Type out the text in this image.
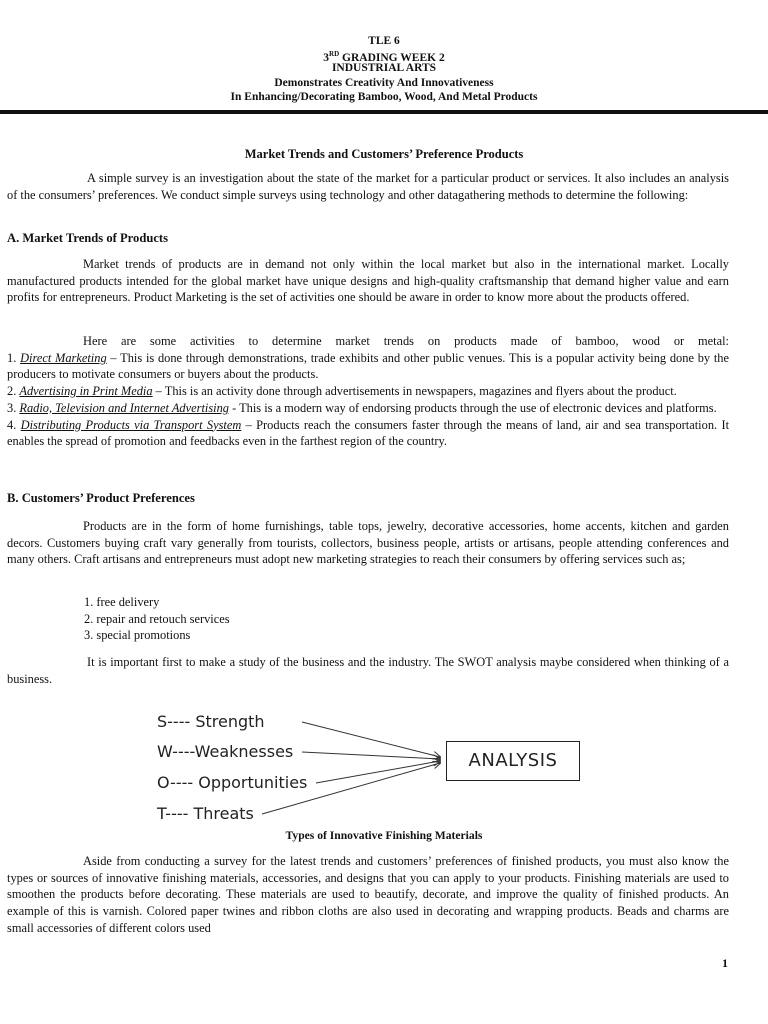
TLE 6
3RD GRADING WEEK 2
INDUSTRIAL ARTS
Demonstrates Creativity And Innovativeness
In Enhancing/Decorating Bamboo, Wood, And Metal Products
Market Trends and Customers’ Preference Products
A simple survey is an investigation about the state of the market for a particular product or services. It also includes an analysis of the consumers’ preferences. We conduct simple surveys using technology and other datagathering methods to determine the following:
A. Market Trends of Products
Market trends of products are in demand not only within the local market but also in the international market. Locally manufactured products intended for the global market have unique designs and high-quality craftsmanship that demand higher value and earn profits for entrepreneurs. Product Marketing is the set of activities one should be aware in order to know more about the products offered.
Here are some activities to determine market trends on products made of bamboo, wood or metal:
1. Direct Marketing – This is done through demonstrations, trade exhibits and other public venues. This is a popular activity being done by the producers to motivate consumers or buyers about the products.
2. Advertising in Print Media – This is an activity done through advertisements in newspapers, magazines and flyers about the product.
3. Radio, Television and Internet Advertising - This is a modern way of endorsing products through the use of electronic devices and platforms.
4. Distributing Products via Transport System – Products reach the consumers faster through the means of land, air and sea transportation. It enables the spread of promotion and feedbacks even in the farthest region of the country.
B. Customers’ Product Preferences
Products are in the form of home furnishings, table tops, jewelry, decorative accessories, home accents, kitchen and garden decors. Customers buying craft vary generally from tourists, collectors, business people, artists or artisans, people attending conferences and many others. Craft artisans and entrepreneurs must adopt new marketing strategies to reach their consumers by offering services such as;
1. free delivery
2. repair and retouch services
3. special promotions
It is important first to make a study of the business and the industry. The SWOT analysis maybe considered when thinking of a business.
S---- Strength
W----Weaknesses
O---- Opportunities
T---- Threats
ANALYSIS
Types of Innovative Finishing Materials
Aside from conducting a survey for the latest trends and customers’ preferences of finished products, you must also know the types or sources of innovative finishing materials, accessories, and designs that you can apply to your products. Finishing materials are used to smoothen the products before decorating. These materials are used to beautify, decorate, and improve the quality of finished products. An example of this is varnish. Colored paper twines and ribbon cloths are also used in decorating and wrapping products. Beads and charms are small accessories of different colors used
1
